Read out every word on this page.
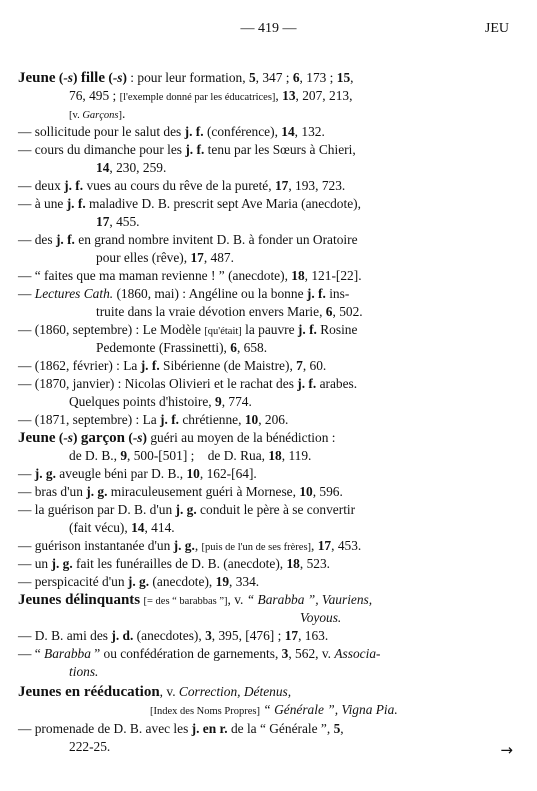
— 419 —	JEU
Jeune (-s) fille (-s) : pour leur formation, 5, 347 ; 6, 173 ; 15,
76, 495 ; [l'exemple donné par les éducatrices], 13, 207, 213,
[v. Garçons].
— sollicitude pour le salut des j. f. (conférence), 14, 132.
— cours du dimanche pour les j. f. tenu par les Sœurs à Chieri,
14, 230, 259.
— deux j. f. vues au cours du rêve de la pureté, 17, 193, 723.
— à une j. f. maladive D. B. prescrit sept Ave Maria (anecdote),
17, 455.
— des j. f. en grand nombre invitent D. B. à fonder un Oratoire
pour elles (rêve), 17, 487.
— “ faites que ma maman revienne ! ” (anecdote), 18, 121-[22].
— Lectures Cath. (1860, mai) : Angéline ou la bonne j. f. ins-
truite dans la vraie dévotion envers Marie, 6, 502.
— (1860, septembre) : Le Modèle [qu'était] la pauvre j. f. Rosine
Pedemonte (Frassinetti), 6, 658.
— (1862, février) : La j. f. Sibérienne (de Maistre), 7, 60.
— (1870, janvier) : Nicolas Olivieri et le rachat des j. f. arabes.
Quelques points d'histoire, 9, 774.
— (1871, septembre) : La j. f. chrétienne, 10, 206.
Jeune (-s) garçon (-s) guéri au moyen de la bénédiction :
de D. B., 9, 500-[501] ;    de D. Rua, 18, 119.
— j. g. aveugle béni par D. B., 10, 162-[64].
— bras d'un j. g. miraculeusement guéri à Mornese, 10, 596.
— la guérison par D. B. d'un j. g. conduit le père à se convertir
(fait vécu), 14, 414.
— guérison instantanée d'un j. g., [puis de l'un de ses frères], 17, 453.
— un j. g. fait les funérailles de D. B. (anecdote), 18, 523.
— perspicacité d'un j. g. (anecdote), 19, 334.
Jeunes délinquants [= des “ barabbas ”], v. “ Barabba ”, Vauriens,
Voyous.
— D. B. ami des j. d. (anecdotes), 3, 395, [476] ; 17, 163.
— “ Barabba ” ou confédération de garnements, 3, 562, v. Associa-
tions.
Jeunes en rééducation, v. Correction, Détenus,
[Index des Noms Propres] “ Générale ”, Vigna Pia.
— promenade de D. B. avec les j. en r. de la “ Générale ”, 5,
222-25.	→
